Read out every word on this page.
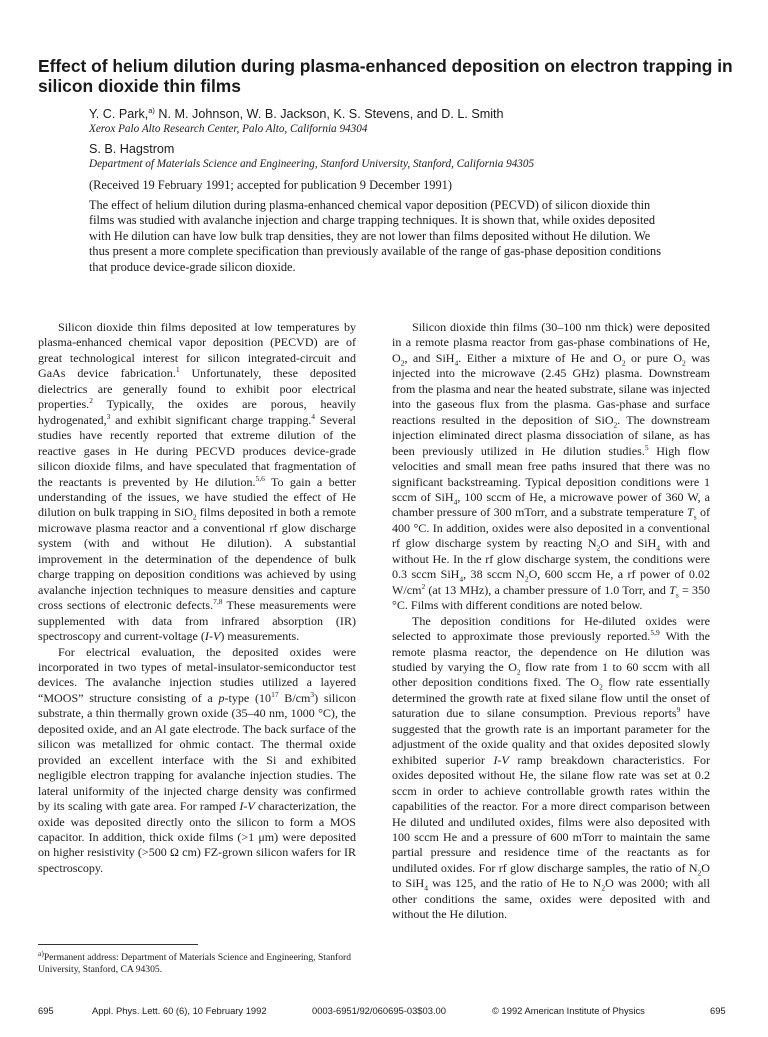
Effect of helium dilution during plasma-enhanced deposition on electron trapping in silicon dioxide thin films
Y. C. Park,$^{a)}$ N. M. Johnson, W. B. Jackson, K. S. Stevens, and D. L. Smith
Xerox Palo Alto Research Center, Palo Alto, California 94304
S. B. Hagstrom
Department of Materials Science and Engineering, Stanford University, Stanford, California 94305
(Received 19 February 1991; accepted for publication 9 December 1991)
The effect of helium dilution during plasma-enhanced chemical vapor deposition (PECVD) of silicon dioxide thin films was studied with avalanche injection and charge trapping techniques. It is shown that, while oxides deposited with He dilution can have low bulk trap densities, they are not lower than films deposited without He dilution. We thus present a more complete specification than previously available of the range of gas-phase deposition conditions that produce device-grade silicon dioxide.

Silicon dioxide thin films deposited at low temperatures by plasma-enhanced chemical vapor deposition (PECVD) are of great technological interest for silicon integrated-circuit and GaAs device fabrication.$^1$ Unfortunately, these deposited dielectrics are generally found to exhibit poor electrical properties.$^2$ Typically, the oxides are porous, heavily hydrogenated,$^3$ and exhibit significant charge trapping.$^4$ Several studies have recently reported that extreme dilution of the reactive gases in He during PECVD produces device-grade silicon dioxide films, and have speculated that fragmentation of the reactants is prevented by He dilution.$^{5,6}$ To gain a better understanding of the issues, we have studied the effect of He dilution on bulk trapping in SiO$_2$ films deposited in both a remote microwave plasma reactor and a conventional rf glow discharge system (with and without He dilution). A substantial improvement in the determination of the dependence of bulk charge trapping on deposition conditions was achieved by using avalanche injection techniques to measure densities and capture cross sections of electronic defects.$^{7,8}$ These measurements were supplemented with data from infrared absorption (IR) spectroscopy and current-voltage (I-V) measurements.

For electrical evaluation, the deposited oxides were incorporated in two types of metal-insulator-semiconductor test devices. The avalanche injection studies utilized a layered “MOOS” structure consisting of a p-type ($10^{17}$ $B/cm^3$) silicon substrate, a thin thermally grown oxide (35–40 nm, 1000 °C), the deposited oxide, and an Al gate electrode. The back surface of the silicon was metallized for ohmic contact. The thermal oxide provided an excellent interface with the Si and exhibited negligible electron trapping for avalanche injection studies. The lateral uniformity of the injected charge density was confirmed by its scaling with gate area. For ramped I-V characterization, the oxide was deposited directly onto the silicon to form a MOS capacitor. In addition, thick oxide films (>1 μm) were deposited on higher resistivity (>500 Ω cm) FZ-grown silicon wafers for IR spectroscopy.

Silicon dioxide thin films (30–100 nm thick) were deposited in a remote plasma reactor from gas-phase combinations of He, $O_2$, and SiH$_4$. Either a mixture of He and $O_2$ or pure $O_2$ was injected into the microwave (2.45 GHz) plasma. Downstream from the plasma and near the heated substrate, silane was injected into the gaseous flux from the plasma. Gas-phase and surface reactions resulted in the deposition of SiO$_2$. The downstream injection eliminated direct plasma dissociation of silane, as has been previously utilized in He dilution studies.$^5$ High flow velocities and small mean free paths insured that there was no significant backstreaming. Typical deposition conditions were 1 sccm of SiH$_4$, 100 sccm of He, a microwave power of 360 W, a chamber pressure of 300 mTorr, and a substrate temperature $T_s$ of 400 °C. In addition, oxides were also deposited in a conventional rf glow discharge system by reacting $N_2O$ and SiH$_4$ with and without He. In the rf glow discharge system, the conditions were 0.3 sccm SiH$_4$, 38 sccm $N_2O$, 600 sccm He, a rf power of 0.02 $W/cm^2$ (at 13 MHz), a chamber pressure of 1.0 Torr, and $T_s = 350$ °C. Films with different conditions are noted below.

The deposition conditions for He-diluted oxides were selected to approximate those previously reported.$^{5,9}$ With the remote plasma reactor, the dependence on He dilution was studied by varying the $O_2$ flow rate from 1 to 60 sccm with all other deposition conditions fixed. The $O_2$ flow rate essentially determined the growth rate at fixed silane flow until the onset of saturation due to silane consumption. Previous reports$^9$ have suggested that the growth rate is an important parameter for the adjustment of the oxide quality and that oxides deposited slowly exhibited superior I-V ramp breakdown characteristics. For oxides deposited without He, the silane flow rate was set at 0.2 sccm in order to achieve controllable growth rates within the capabilities of the reactor. For a more direct comparison between He diluted and undiluted oxides, films were also deposited with 100 sccm He and a pressure of 600 mTorr to maintain the same partial pressure and residence time of the reactants as for undiluted oxides. For rf glow discharge samples, the ratio of $N_2O$ to SiH$_4$ was 125, and the ratio of He to $N_2O$ was 2000; with all other conditions the same, oxides were deposited with and without the He dilution.

$^{a)}$Permanent address: Department of Materials Science and Engineering, Stanford University, Stanford, CA 94305.
695	Appl. Phys. Lett. 60 (6), 10 February 1992	0003-6951/92/060695-03$03.00	© 1992 American Institute of Physics	695
